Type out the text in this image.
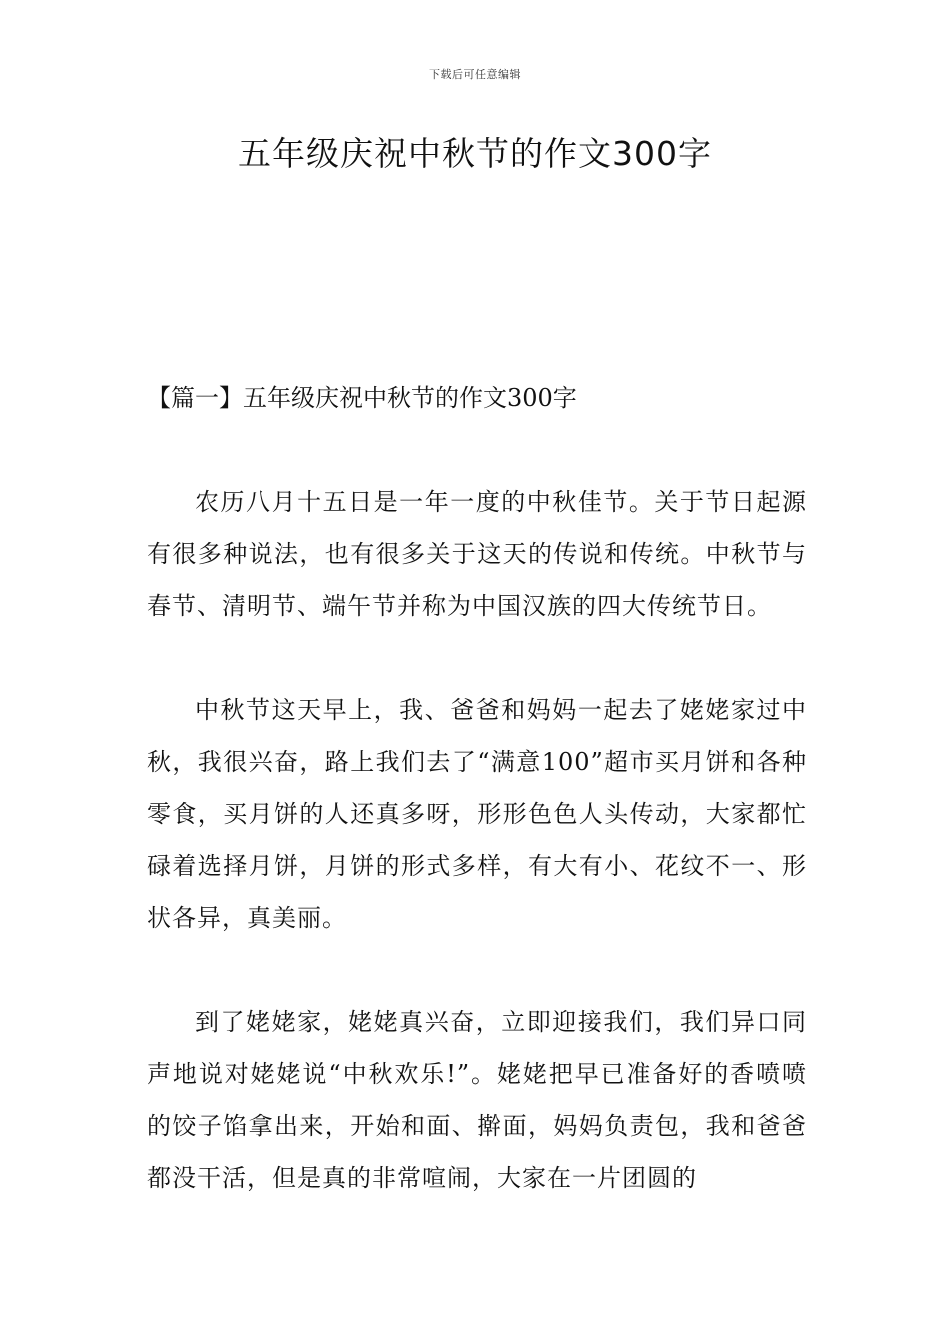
下载后可任意编辑
五年级庆祝中秋节的作文300字
【篇一】五年级庆祝中秋节的作文300字

农历八月十五日是一年一度的中秋佳节。关于节日起源有很多种说法，也有很多关于这天的传说和传统。中秋节与春节、清明节、端午节并称为中国汉族的四大传统节日。

中秋节这天早上，我、爸爸和妈妈一起去了姥姥家过中秋，我很兴奋，路上我们去了“满意100”超市买月饼和各种零食，买月饼的人还真多呀，形形色色人头传动，大家都忙碌着选择月饼，月饼的形式多样，有大有小、花纹不一、形状各异，真美丽。

到了姥姥家，姥姥真兴奋，立即迎接我们，我们异口同声地说对姥姥说“中秋欢乐!”。姥姥把早已准备好的香喷喷的饺子馅拿出来，开始和面、擀面，妈妈负责包，我和爸爸都没干活，但是真的非常喧闹，大家在一片团圆的
